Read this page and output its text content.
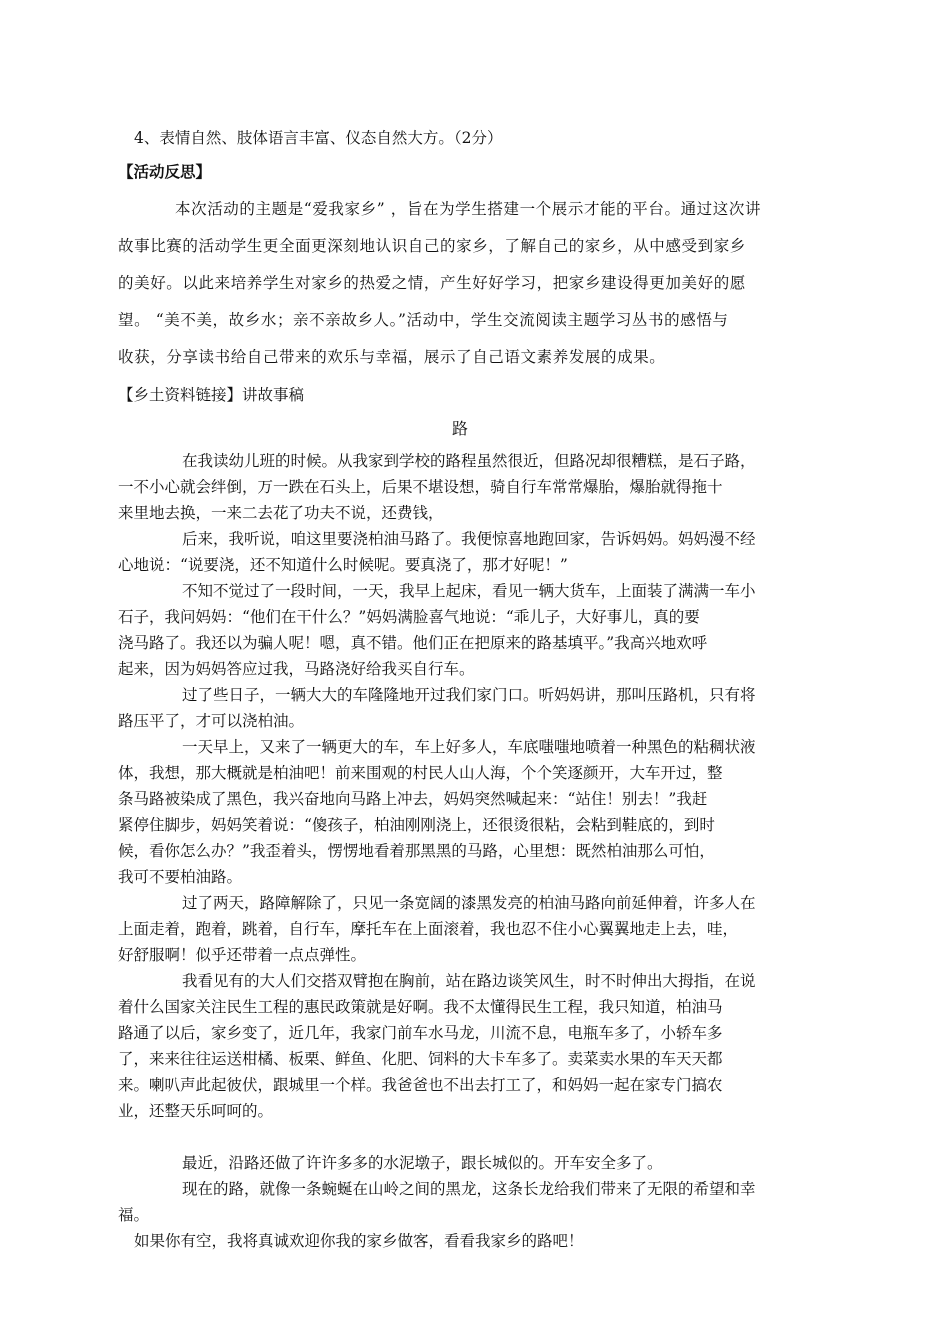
4、表情自然、肢体语言丰富、仪态自然大方。（2分）
【活动反思】
本次活动的主题是“爱我家乡” ，旨在为学生搭建一个展示才能的平台。通过这次讲
故事比赛的活动学生更全面更深刻地认识自己的家乡，了解自己的家乡，从中感受到家乡
的美好。以此来培养学生对家乡的热爱之情，产生好好学习，把家乡建设得更加美好的愿
望。 “美不美，故乡水；亲不亲故乡人。”活动中，学生交流阅读主题学习丛书的感悟与
收获，分享读书给自己带来的欢乐与幸福，展示了自己语文素养发展的成果。
【乡土资料链接】讲故事稿
路
在我读幼儿班的时候。从我家到学校的路程虽然很近，但路况却很糟糕，是石子路，
一不小心就会绊倒，万一跌在石头上，后果不堪设想，骑自行车常常爆胎，爆胎就得拖十
来里地去换，一来二去花了功夫不说，还费钱，
后来，我听说，咱这里要浇柏油马路了。我便惊喜地跑回家，告诉妈妈。妈妈漫不经
心地说：“说要浇，还不知道什么时候呢。要真浇了，那才好呢！”
不知不觉过了一段时间，一天，我早上起床，看见一辆大货车，上面装了满满一车小
石子，我问妈妈：“他们在干什么？”妈妈满脸喜气地说：“乖儿子，大好事儿，真的要
浇马路了。我还以为骗人呢！嗯，真不错。他们正在把原来的路基填平。”我高兴地欢呼
起来，因为妈妈答应过我，马路浇好给我买自行车。
过了些日子，一辆大大的车隆隆地开过我们家门口。听妈妈讲，那叫压路机，只有将
路压平了，才可以浇柏油。
一天早上，又来了一辆更大的车，车上好多人，车底嗤嗤地喷着一种黑色的粘稠状液
体，我想，那大概就是柏油吧！前来围观的村民人山人海，个个笑逐颜开，大车开过，整
条马路被染成了黑色，我兴奋地向马路上冲去，妈妈突然喊起来：“站住！别去！”我赶
紧停住脚步，妈妈笑着说：“傻孩子，柏油刚刚浇上，还很烫很粘，会粘到鞋底的，到时
候，看你怎么办？”我歪着头，愣愣地看着那黑黑的马路，心里想：既然柏油那么可怕，
我可不要柏油路。
过了两天，路障解除了，只见一条宽阔的漆黑发亮的柏油马路向前延伸着，许多人在
上面走着，跑着，跳着，自行车，摩托车在上面滚着，我也忍不住小心翼翼地走上去，哇，
好舒服啊！似乎还带着一点点弹性。
我看见有的大人们交搭双臂抱在胸前，站在路边谈笑风生，时不时伸出大拇指，在说
着什么国家关注民生工程的惠民政策就是好啊。我不太懂得民生工程，我只知道，柏油马
路通了以后，家乡变了，近几年，我家门前车水马龙，川流不息，电瓶车多了，小轿车多
了，来来往往运送柑橘、板栗、鲜鱼、化肥、饲料的大卡车多了。卖菜卖水果的车天天都
来。喇叭声此起彼伏，跟城里一个样。我爸爸也不出去打工了，和妈妈一起在家专门搞农
业，还整天乐呵呵的。
最近，沿路还做了许许多多的水泥墩子，跟长城似的。开车安全多了。
现在的路，就像一条蜿蜒在山岭之间的黑龙，这条长龙给我们带来了无限的希望和幸
福。
如果你有空，我将真诚欢迎你我的家乡做客，看看我家乡的路吧！
